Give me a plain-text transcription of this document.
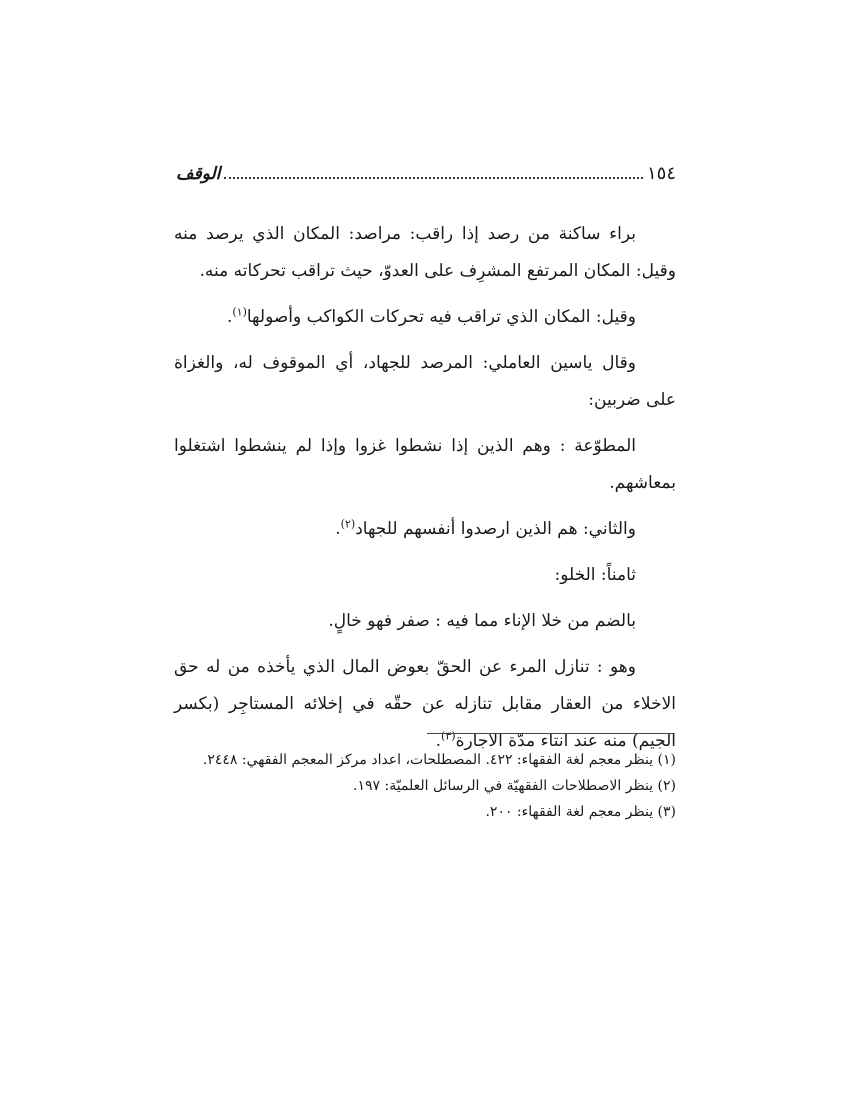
١٥٤
الوقف

براء ساكنة من رصد إذا راقب: مراصد: المكان الذي يرصد منه وقيل: المكان المرتفع المشرِف على العدوّ، حيث تراقب تحركاته منه.

وقيل: المكان الذي تراقب فيه تحركات الكواكب وأصولها$^{(١)}$.

وقال ياسين العاملي: المرصد للجهاد، أي الموقوف له، والغزاة على ضربين:

المطوّعة : وهم الذين إذا نشطوا غزوا وإذا لم ينشطوا اشتغلوا بمعاشهم.

والثاني: هم الذين ارصدوا أنفسهم للجهاد$^{(٢)}$.

ثامناً: الخلو:

بالضم من خلا الإناء مما فيه : صفر فهو خالٍ.

وهو : تنازل المرء عن الحقّ بعوض المال الذي يأخذه من له حق الاخلاء من العقار مقابل تنازله عن حقّه في إخلائه المستاجِر (بكسر الجيم) منه عند انتاء مدّة الاجارة$^{(٣)}$.

(١) ينظر معجم لغة الفقهاء: ٤٢٢. المصطلحات، اعداد مركز المعجم الفقهي: ٢٤٤٨.
(٢) ينظر الاصطلاحات الفقهيّة في الرسائل العلميّة: ١٩٧.
(٣) ينظر معجم لغة الفقهاء: ٢٠٠.
